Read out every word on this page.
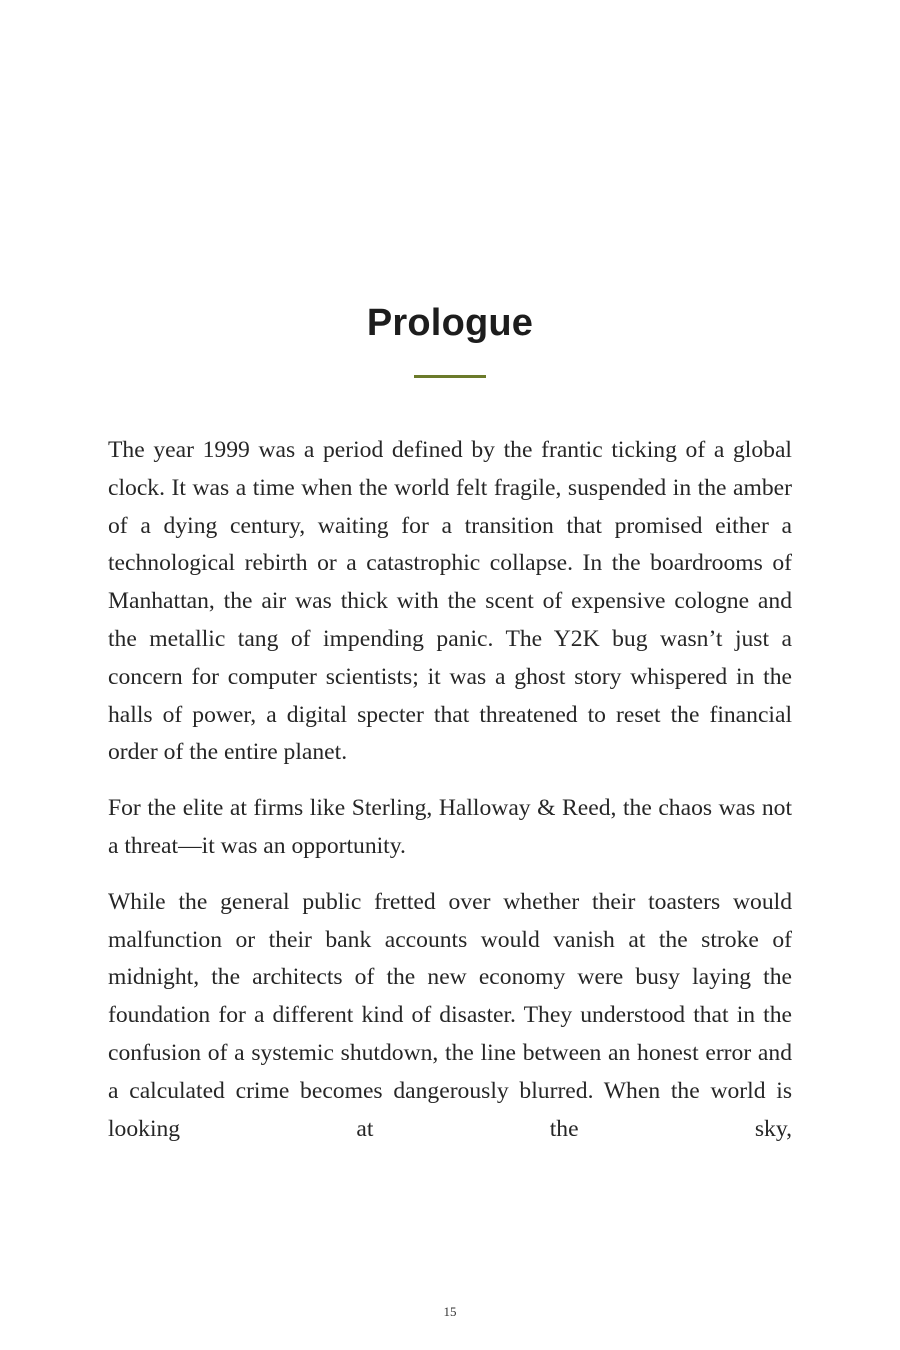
Prologue

The year 1999 was a period defined by the frantic ticking of a global clock. It was a time when the world felt fragile, suspended in the amber of a dying century, waiting for a transition that promised either a technological rebirth or a catastrophic collapse. In the boardrooms of Manhattan, the air was thick with the scent of expensive cologne and the metallic tang of impending panic. The Y2K bug wasn’t just a concern for computer scientists; it was a ghost story whispered in the halls of power, a digital specter that threatened to reset the financial order of the entire planet.

For the elite at firms like Sterling, Halloway & Reed, the chaos was not a threat—it was an opportunity.

While the general public fretted over whether their toasters would malfunction or their bank accounts would vanish at the stroke of midnight, the architects of the new economy were busy laying the foundation for a different kind of disaster. They understood that in the confusion of a systemic shutdown, the line between an honest error and a calculated crime becomes dangerously blurred. When the world is looking at the sky,

15
